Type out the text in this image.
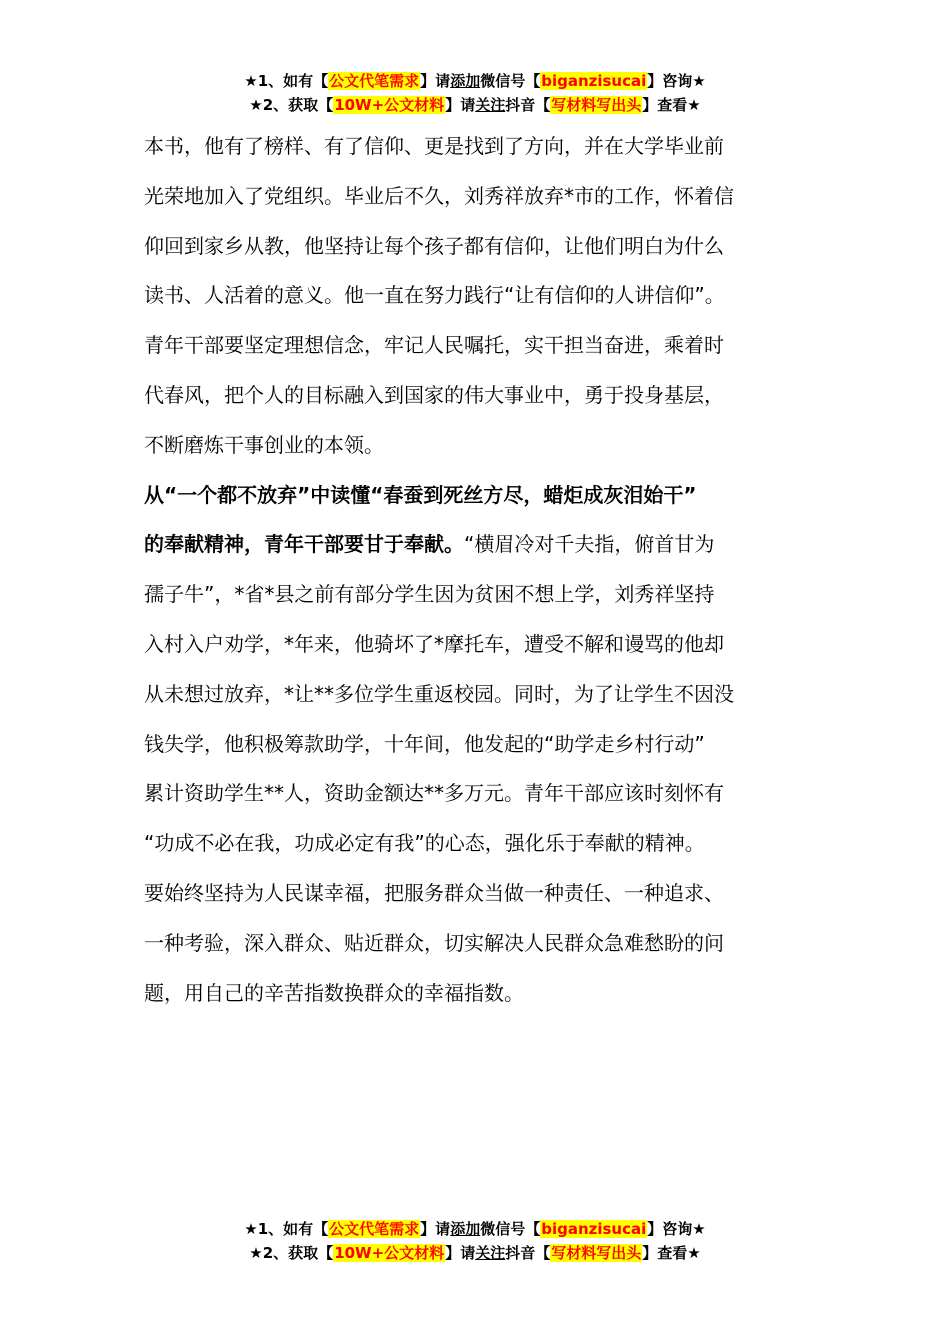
★1、如有【公文代笔需求】请添加微信号【biganzisucai】咨询★
★2、获取【10W+公文材料】请关注抖音【写材料写出头】查看★
本书，他有了榜样、有了信仰、更是找到了方向，并在大学毕业前
光荣地加入了党组织。毕业后不久，刘秀祥放弃*市的工作，怀着信
仰回到家乡从教，他坚持让每个孩子都有信仰，让他们明白为什么
读书、人活着的意义。他一直在努力践行“让有信仰的人讲信仰”。
青年干部要坚定理想信念，牢记人民嘱托，实干担当奋进，乘着时
代春风，把个人的目标融入到国家的伟大事业中，勇于投身基层，
不断磨炼干事创业的本领。
从“一个都不放弃”中读懂“春蚕到死丝方尽，蜡炬成灰泪始干”
的奉献精神，青年干部要甘于奉献。“横眉冷对千夫指，俯首甘为
孺子牛”，*省*县之前有部分学生因为贫困不想上学，刘秀祥坚持
入村入户劝学，*年来，他骑坏了*摩托车，遭受不解和谩骂的他却
从未想过放弃，*让**多位学生重返校园。同时，为了让学生不因没
钱失学，他积极筹款助学，十年间，他发起的“助学走乡村行动”
累计资助学生**人，资助金额达**多万元。青年干部应该时刻怀有
“功成不必在我，功成必定有我”的心态，强化乐于奉献的精神。
要始终坚持为人民谋幸福，把服务群众当做一种责任、一种追求、
一种考验，深入群众、贴近群众，切实解决人民群众急难愁盼的问
题，用自己的辛苦指数换群众的幸福指数。
★1、如有【公文代笔需求】请添加微信号【biganzisucai】咨询★
★2、获取【10W+公文材料】请关注抖音【写材料写出头】查看★
